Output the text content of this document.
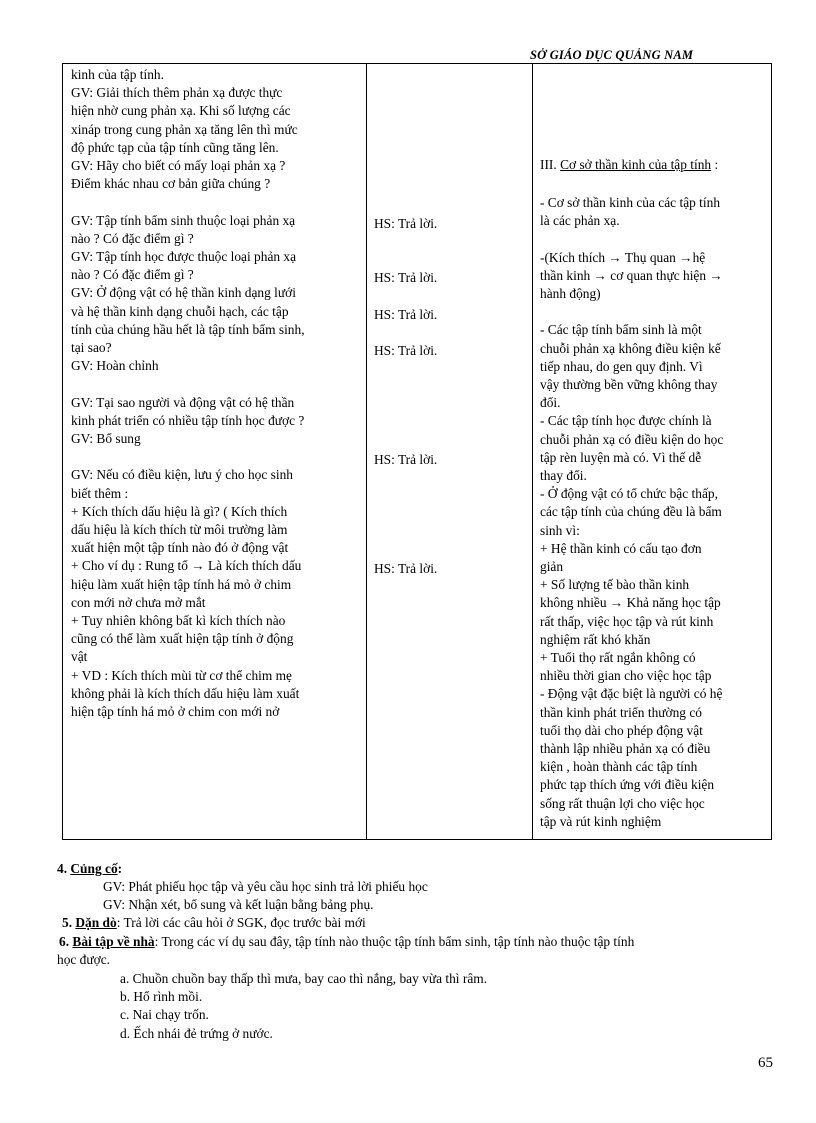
SỞ GIÁO DỤC QUẢNG NAM
kinh của tập tính.
GV: Giải thích thêm phản xạ được thực
hiện nhờ cung phản xạ. Khi số lượng các
xináp trong cung phản xạ tăng lên thì mức
độ phức tạp của tập tính cũng tăng lên.
GV: Hãy cho biết có mấy loại phản xạ ?
Điểm khác nhau cơ bản giữa chúng ?
GV: Tập tính bẩm sinh thuộc loại phản xạ
nào ? Có đặc điểm gì ?
GV: Tập tính học được thuộc loại phản xạ
nào ? Có đặc điểm gì ?
GV: Ở động vật có hệ thần kinh dạng lưới
và hệ thần kinh dạng chuỗi hạch, các tập
tính của chúng hầu hết là tập tính bẩm sinh,
tại sao?
GV: Hoàn chỉnh
GV: Tại sao người và động vật có hệ thần
kinh phát triển có nhiều tập tính học được ?
GV: Bổ sung
GV: Nếu có điều kiện, lưu ý cho học sinh
biết thêm :
+ Kích thích dấu hiệu là gì? ( Kích thích
dấu hiệu là kích thích từ môi trường làm
xuất hiện một tập tính nào đó ở động vật
+ Cho ví dụ : Rung tổ → Là kích thích dấu
hiệu làm xuất hiện tập tính há mỏ ở chim
con mới nở chưa mở mắt
+ Tuy nhiên không bất kì kích thích nào
cũng có thể làm xuất hiện tập tính ở động
vật
+ VD : Kích thích mùi từ cơ thể chim mẹ
không phải là kích thích dấu hiệu làm xuất
hiện tập tính há mỏ ở chim con mới nở
HS: Trả lời.
HS: Trả lời.
HS: Trả lời.
HS: Trả lời.
HS: Trả lời.
HS: Trả lời.
III. Cơ sở thần kinh của tập tính :
- Cơ sở thần kinh của các tập tính
là các phản xạ.
-(Kích thích → Thụ quan →hệ
thần kinh → cơ quan thực hiện →
hành động)
- Các tập tính bẩm sinh là một
chuỗi phản xạ không điều kiện kế
tiếp nhau, do gen quy định. Vì
vậy thường bền vững không thay
đổi.
- Các tập tính học được chính là
chuỗi phản xạ có điều kiện do học
tập rèn luyện mà có. Vì thế dễ
thay đổi.
- Ở động vật có tổ chức bậc thấp,
các tập tính của chúng đều là bẩm
sinh vì:
+ Hệ thần kinh có cấu tạo đơn
giản
+ Số lượng tế bào thần kinh
không nhiều → Khả năng học tập
rất thấp, việc học tập và rút kinh
nghiệm rất khó khăn
+ Tuổi thọ rất ngắn không có
nhiều thời gian cho việc học tập
- Động vật đặc biệt là người có hệ
thần kinh phát triển thường có
tuổi thọ dài cho phép động vật
thành lập nhiều phản xạ có điều
kiện , hoàn thành các tập tính
phức tạp thích ứng với điều kiện
sống rất thuận lợi cho việc học
tập và rút kinh nghiệm
4. Củng cố:
GV: Phát phiếu học tập và yêu cầu học sinh trả lời phiếu học
GV: Nhận xét, bổ sung và kết luận bằng bảng phụ.
5. Dặn dò: Trả lời các câu hỏi ở SGK, đọc trước bài mới
6. Bài tập về nhà: Trong các ví dụ sau đây, tập tính nào thuộc tập tính bẩm sinh, tập tính nào thuộc tập tính
học được.
a. Chuồn chuồn bay thấp thì mưa, bay cao thì nắng, bay vừa thì râm.
b. Hổ rình mồi.
c. Nai chạy trốn.
d. Ếch nhái đẻ trứng ở nước.
65
